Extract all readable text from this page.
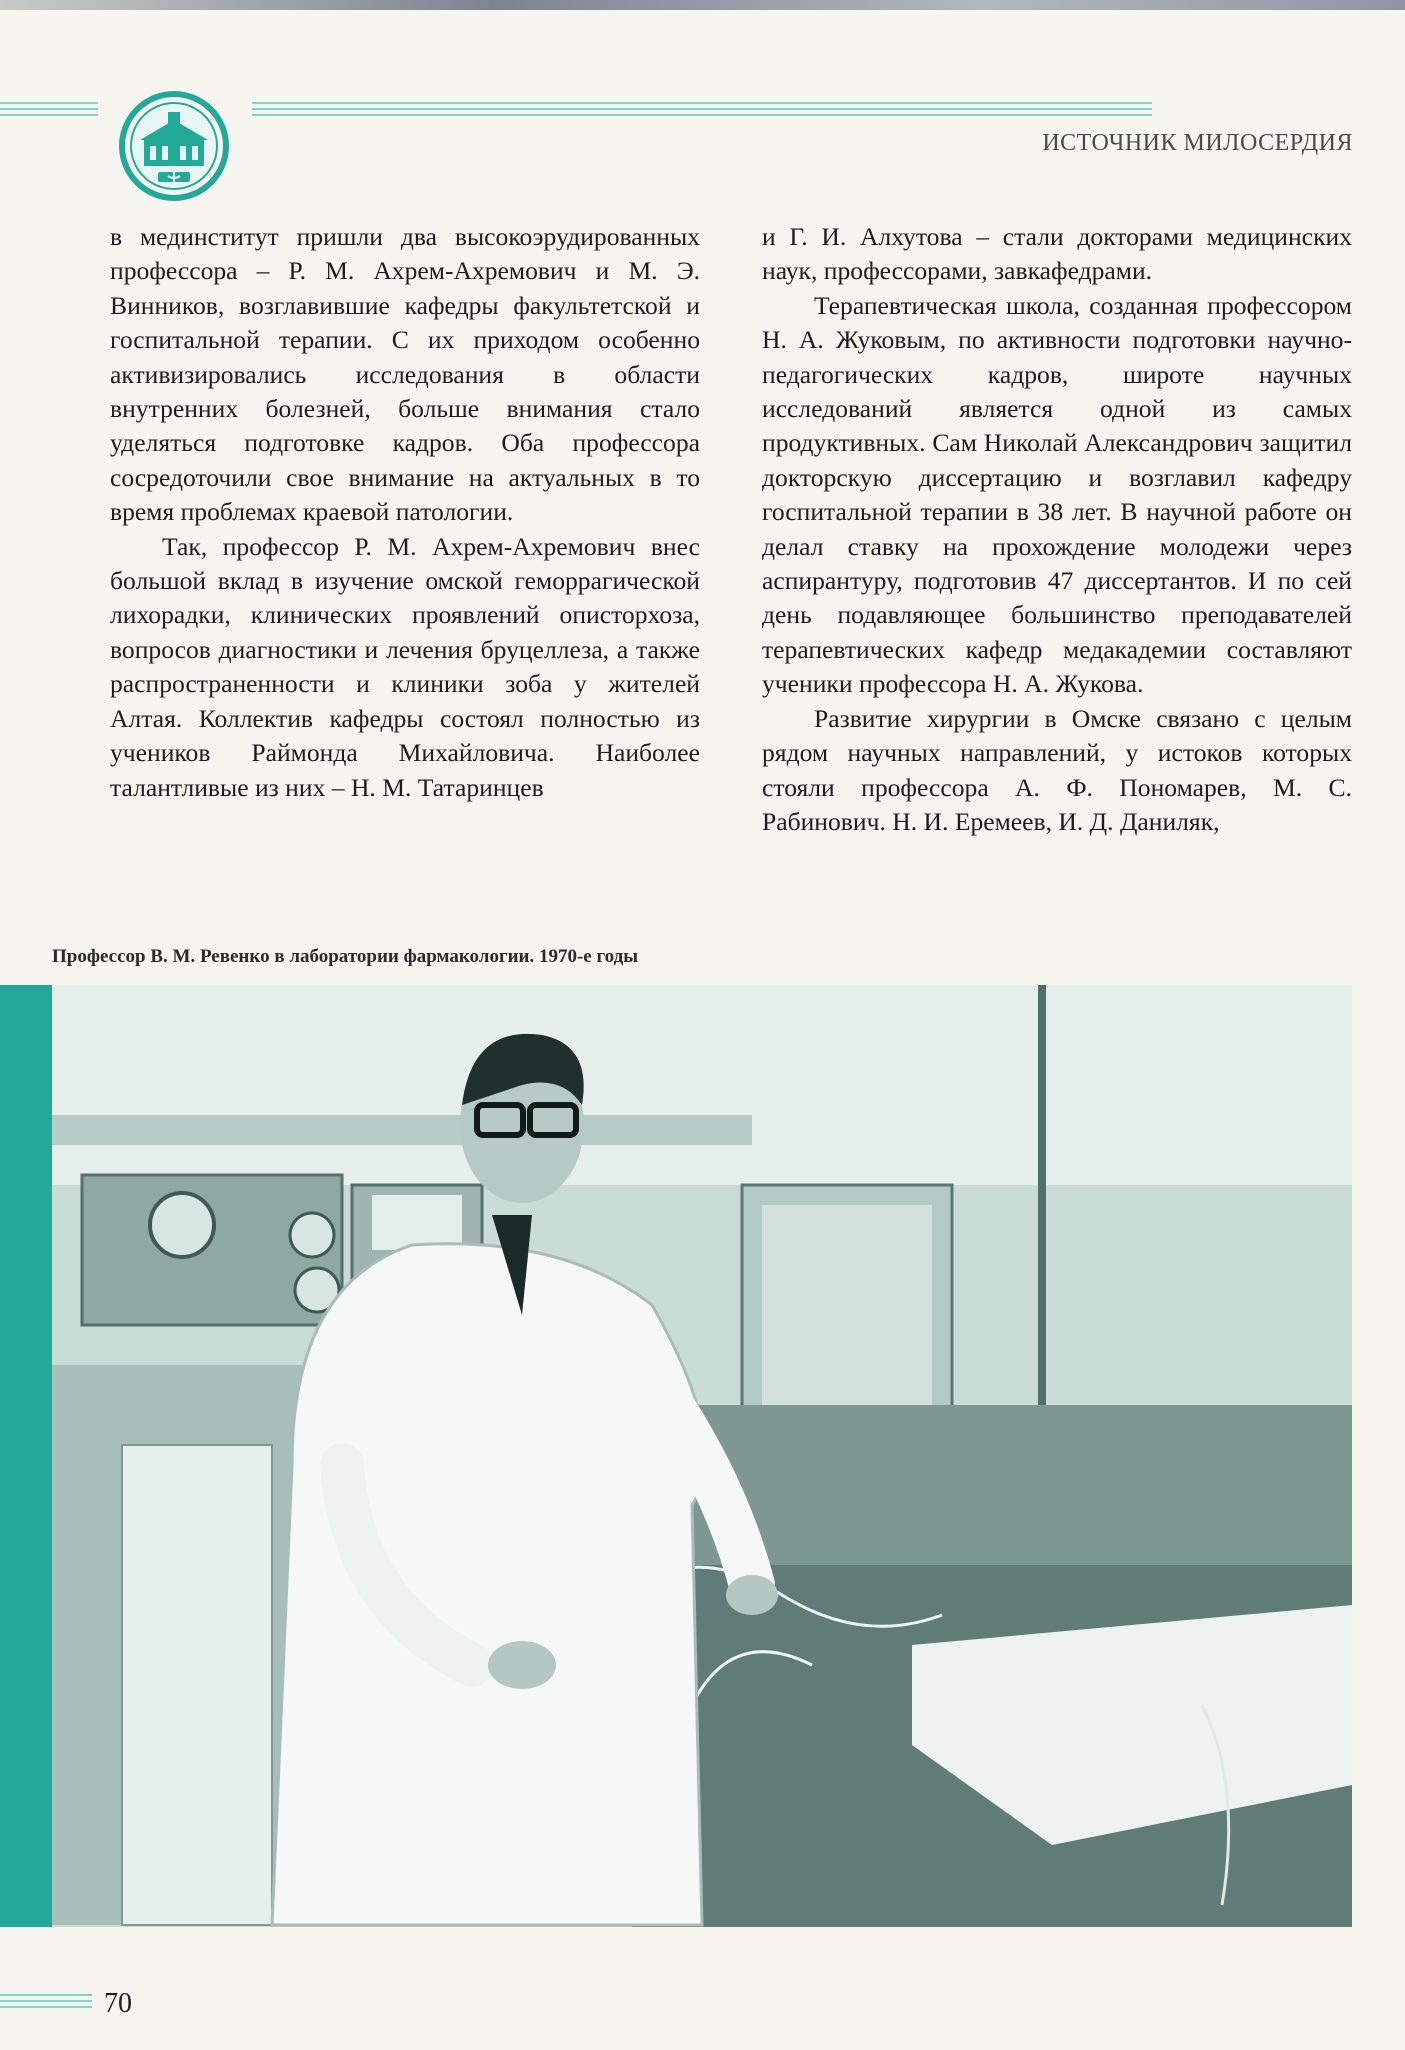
ИСТОЧНИК МИЛОСЕРДИЯ

в мединститут пришли два высокоэрудированных профессора – Р. М. Ахрем-Ахремович и М. Э. Винников, возглавившие кафедры факультетской и госпитальной терапии. С их приходом особенно активизировались исследования в области внутренних болезней, больше внимания стало уделяться подготовке кадров. Оба профессора сосредоточили свое внимание на актуальных в то время проблемах краевой патологии.

Так, профессор Р. М. Ахрем-Ахремович внес большой вклад в изучение омской геморрагической лихорадки, клинических проявлений описторхоза, вопросов диагностики и лечения бруцеллеза, а также распространенности и клиники зоба у жителей Алтая. Коллектив кафедры состоял полностью из учеников Раймонда Михайловича. Наиболее талантливые из них – Н. М. Татаринцев

и Г. И. Алхутова – стали докторами медицинских наук, профессорами, завкафедрами.

Терапевтическая школа, созданная профессором Н. А. Жуковым, по активности подготовки научно-педагогических кадров, широте научных исследований является одной из самых продуктивных. Сам Николай Александрович защитил докторскую диссертацию и возглавил кафедру госпитальной терапии в 38 лет. В научной работе он делал ставку на прохождение молодежи через аспирантуру, подготовив 47 диссертантов. И по сей день подавляющее большинство преподавателей терапевтических кафедр медакадемии составляют ученики профессора Н. А. Жукова.

Развитие хирургии в Омске связано с целым рядом научных направлений, у истоков которых стояли профессора А. Ф. Пономарев, М. С. Рабинович. Н. И. Еремеев, И. Д. Даниляк,

Профессор В. М. Ревенко в лаборатории фармакологии. 1970-е годы
70
